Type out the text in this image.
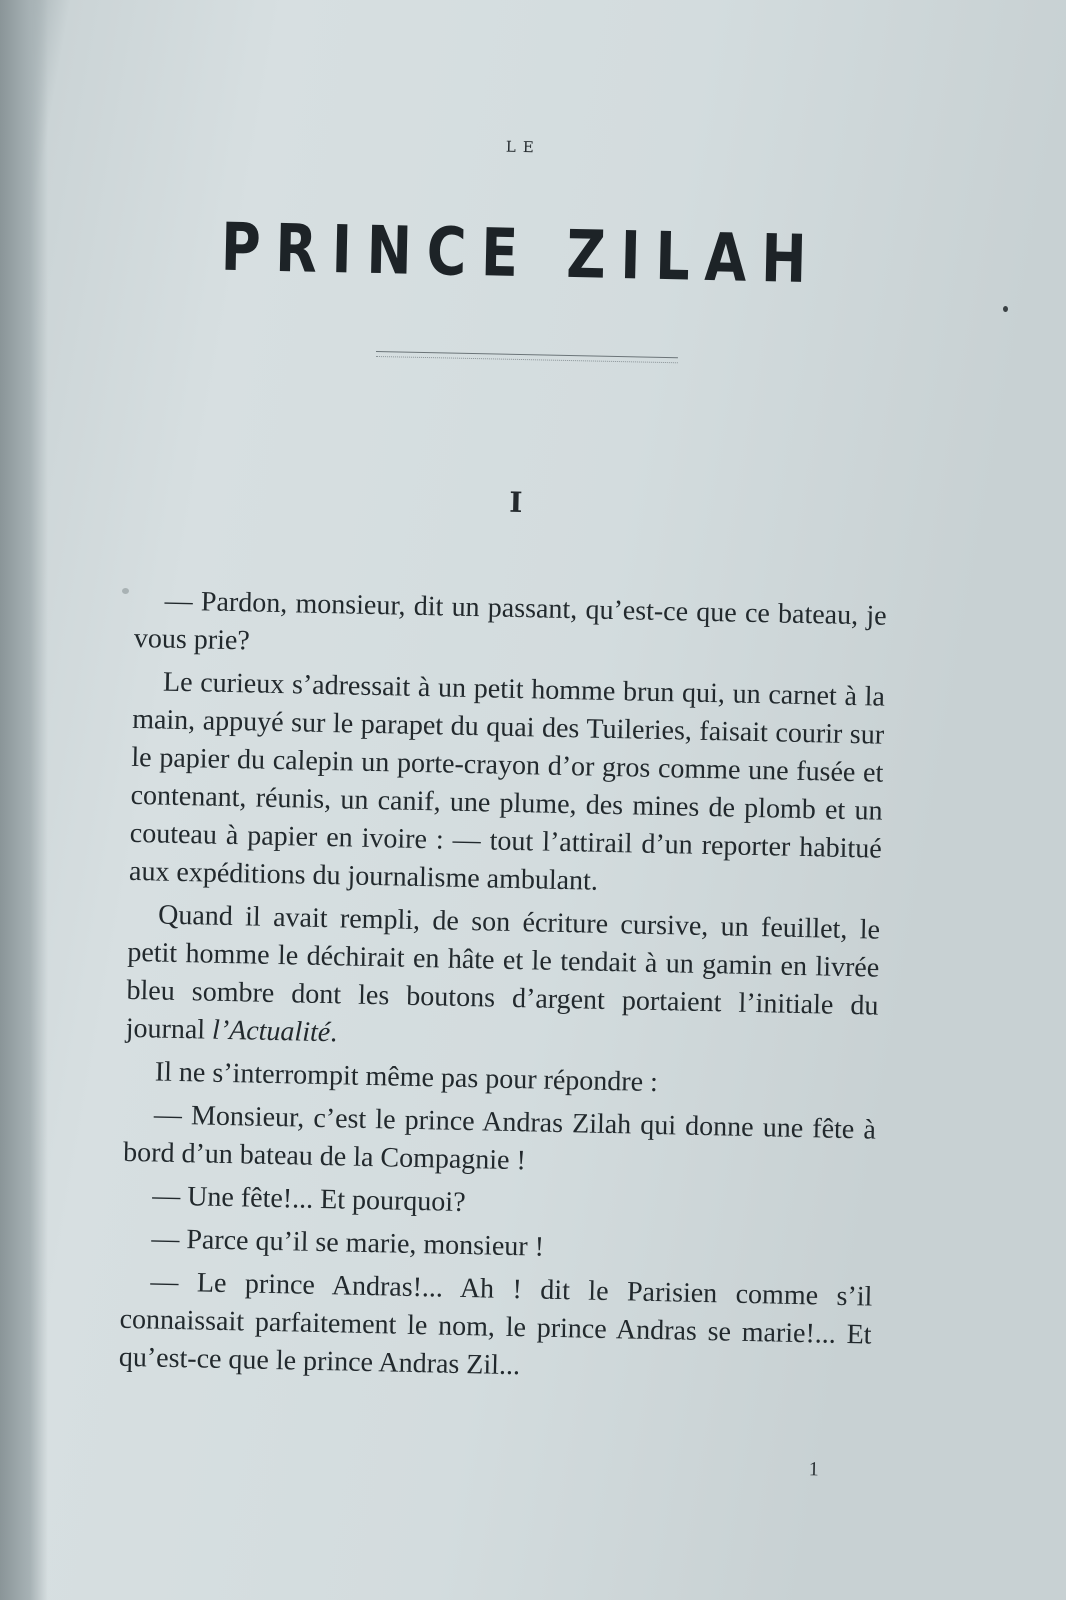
LE
PRINCE ZILAH
I

— Pardon, monsieur, dit un passant, qu’est-ce que ce bateau, je vous prie?

Le curieux s’adressait à un petit homme brun qui, un carnet à la main, appuyé sur le parapet du quai des Tuileries, faisait courir sur le papier du calepin un porte-crayon d’or gros comme une fusée et contenant, réunis, un canif, une plume, des mines de plomb et un couteau à papier en ivoire : — tout l’attirail d’un reporter habitué aux expéditions du journalisme ambulant.

Quand il avait rempli, de son écriture cursive, un feuillet, le petit homme le déchirait en hâte et le tendait à un gamin en livrée bleu sombre dont les boutons d’argent portaient l’initiale du journal l’Actualité.

Il ne s’interrompit même pas pour répondre :

— Monsieur, c’est le prince Andras Zilah qui donne une fête à bord d’un bateau de la Compagnie !

— Une fête!... Et pourquoi?

— Parce qu’il se marie, monsieur !

— Le prince Andras!... Ah ! dit le Parisien comme s’il connaissait parfaitement le nom, le prince Andras se marie!... Et qu’est-ce que le prince Andras Zil...

1
